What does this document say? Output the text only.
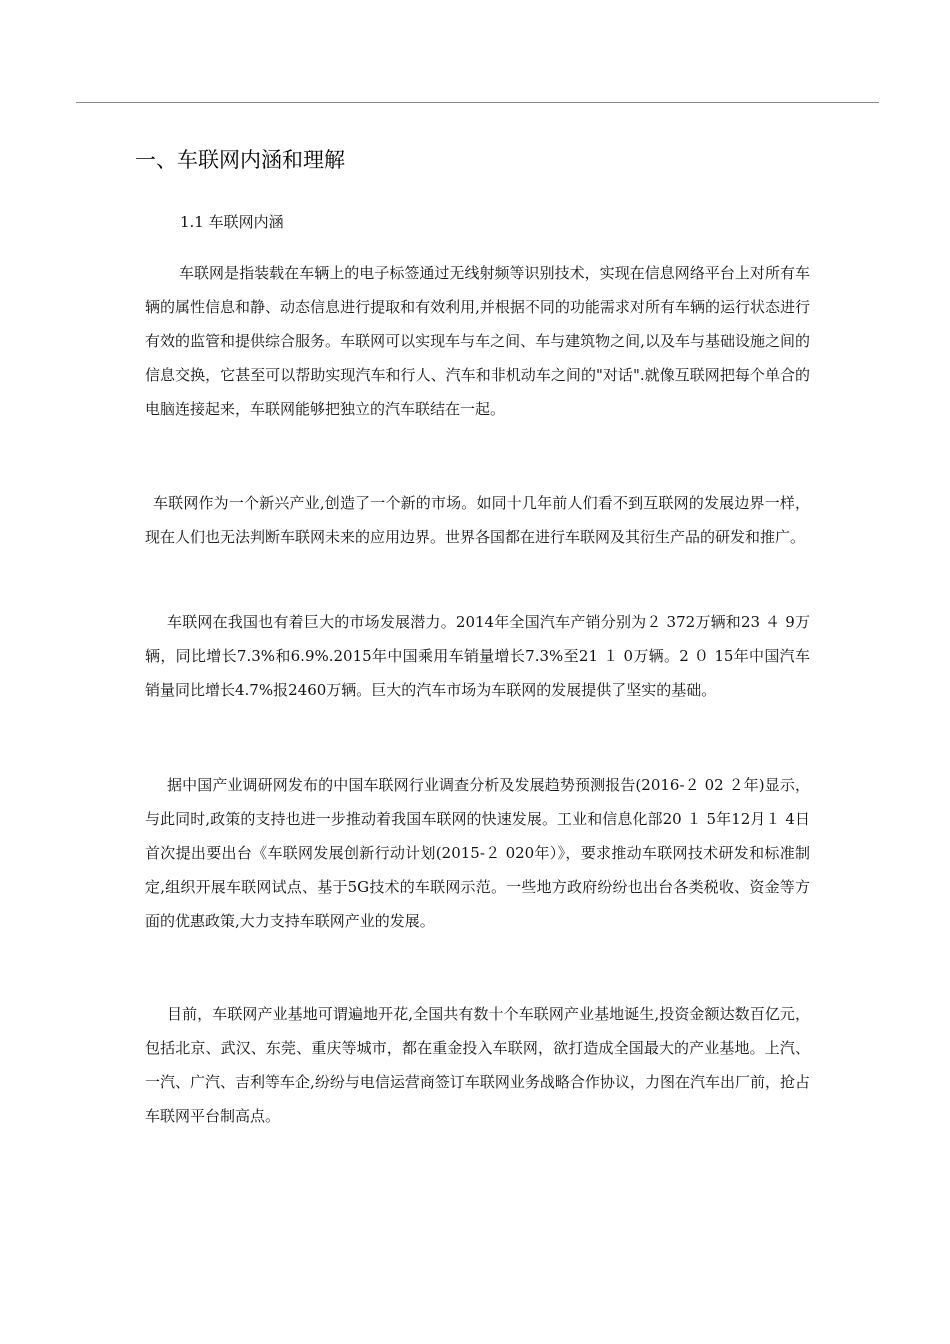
一、车联网内涵和理解
1.1 车联网内涵

车联网是指装载在车辆上的电子标签通过无线射频等识别技术，实现在信息网络平台上对所有车辆的属性信息和静、动态信息进行提取和有效利用,并根据不同的功能需求对所有车辆的运行状态进行有效的监管和提供综合服务。车联网可以实现车与车之间、车与建筑物之间,以及车与基础设施之间的信息交换，它甚至可以帮助实现汽车和行人、汽车和非机动车之间的"对话".就像互联网把每个单合的电脑连接起来，车联网能够把独立的汽车联结在一起。

车联网作为一个新兴产业,创造了一个新的市场。如同十几年前人们看不到互联网的发展边界一样，现在人们也无法判断车联网未来的应用边界。世界各国都在进行车联网及其衍生产品的研发和推广。

车联网在我国也有着巨大的市场发展潜力。2014年全国汽车产销分别为２ 372万辆和23 ４ 9万辆，同比增长7.3%和6.9%.2015年中国乘用车销量增长7.3%至21 １ 0万辆。2 ０ 15年中国汽车销量同比增长4.7%报2460万辆。巨大的汽车市场为车联网的发展提供了坚实的基础。

据中国产业调研网发布的中国车联网行业调查分析及发展趋势预测报告(2016-２ 02 ２年)显示，与此同时,政策的支持也进一步推动着我国车联网的快速发展。工业和信息化部20 １ 5年12月１ 4日首次提出要出台《车联网发展创新行动计划(2015-２ 020年）》，要求推动车联网技术研发和标准制定,组织开展车联网试点、基于5G技术的车联网示范。一些地方政府纷纷也出台各类税收、资金等方面的优惠政策,大力支持车联网产业的发展。

目前，车联网产业基地可谓遍地开花,全国共有数十个车联网产业基地诞生,投资金额达数百亿元，包括北京、武汉、东莞、重庆等城市，都在重金投入车联网，欲打造成全国最大的产业基地。上汽、一汽、广汽、吉利等车企,纷纷与电信运营商签订车联网业务战略合作协议，力图在汽车出厂前，抢占车联网平台制高点。
